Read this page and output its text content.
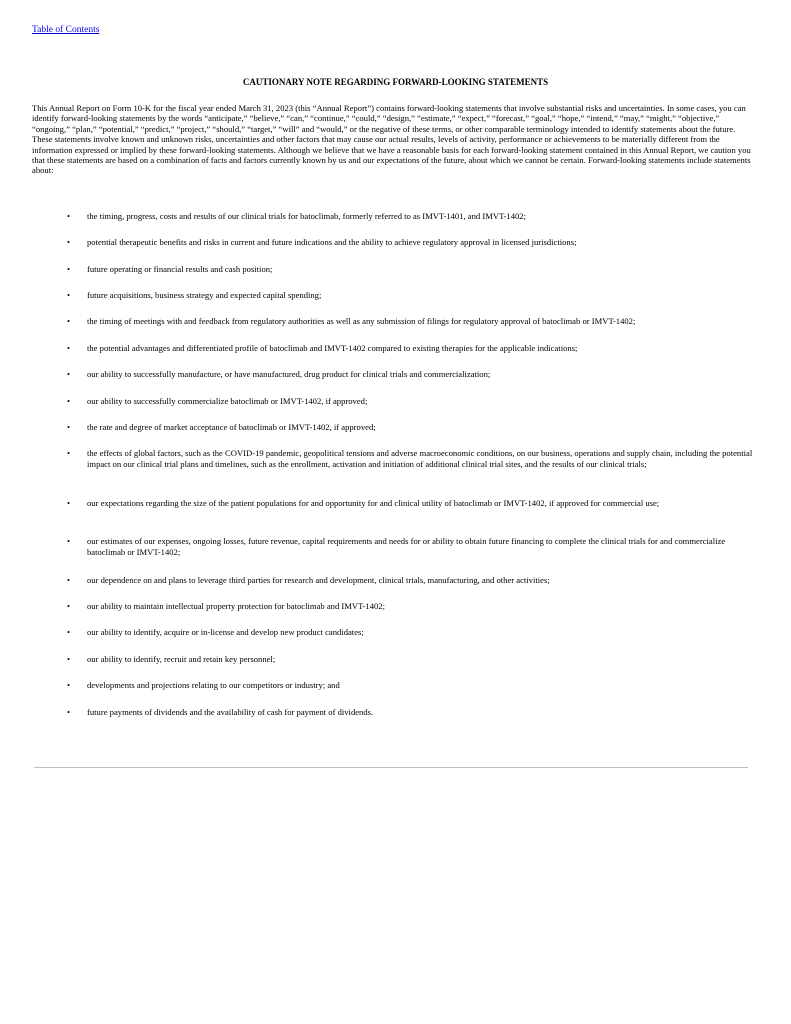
Table of Contents
CAUTIONARY NOTE REGARDING FORWARD-LOOKING STATEMENTS

This Annual Report on Form 10-K for the fiscal year ended March 31, 2023 (this “Annual Report”) contains forward-looking statements that involve substantial risks and uncertainties. In some cases, you can identify forward-looking statements by the words “anticipate,” “believe,” “can,” “continue,” “could,” “design,” “estimate,” “expect,” “forecast,” “goal,” “hope,” “intend,” “may,” “might,” “objective,” “ongoing,” “plan,” “potential,” “predict,” “project,” “should,” “target,” “will” and “would,” or the negative of these terms, or other comparable terminology intended to identify statements about the future. These statements involve known and unknown risks, uncertainties and other factors that may cause our actual results, levels of activity, performance or achievements to be materially different from the information expressed or implied by these forward-looking statements. Although we believe that we have a reasonable basis for each forward-looking statement contained in this Annual Report, we caution you that these statements are based on a combination of facts and factors currently known by us and our expectations of the future, about which we cannot be certain. Forward-looking statements include statements about:

• the timing, progress, costs and results of our clinical trials for batoclimab, formerly referred to as IMVT-1401, and IMVT-1402;
• potential therapeutic benefits and risks in current and future indications and the ability to achieve regulatory approval in licensed jurisdictions;
• future operating or financial results and cash position;
• future acquisitions, business strategy and expected capital spending;
• the timing of meetings with and feedback from regulatory authorities as well as any submission of filings for regulatory approval of batoclimab or IMVT-1402;
• the potential advantages and differentiated profile of batoclimab and IMVT-1402 compared to existing therapies for the applicable indications;
• our ability to successfully manufacture, or have manufactured, drug product for clinical trials and commercialization;
• our ability to successfully commercialize batoclimab or IMVT-1402, if approved;
• the rate and degree of market acceptance of batoclimab or IMVT-1402, if approved;
• the effects of global factors, such as the COVID-19 pandemic, geopolitical tensions and adverse macroeconomic conditions, on our business, operations and supply chain, including the potential impact on our clinical trial plans and timelines, such as the enrollment, activation and initiation of additional clinical trial sites, and the results of our clinical trials;
• our expectations regarding the size of the patient populations for and opportunity for and clinical utility of batoclimab or IMVT-1402, if approved for commercial use;
• our estimates of our expenses, ongoing losses, future revenue, capital requirements and needs for or ability to obtain future financing to complete the clinical trials for and commercialize batoclimab or IMVT-1402;
• our dependence on and plans to leverage third parties for research and development, clinical trials, manufacturing, and other activities;
• our ability to maintain intellectual property protection for batoclimab and IMVT-1402;
• our ability to identify, acquire or in-license and develop new product candidates;
• our ability to identify, recruit and retain key personnel;
• developments and projections relating to our competitors or industry; and
• future payments of dividends and the availability of cash for payment of dividends.
